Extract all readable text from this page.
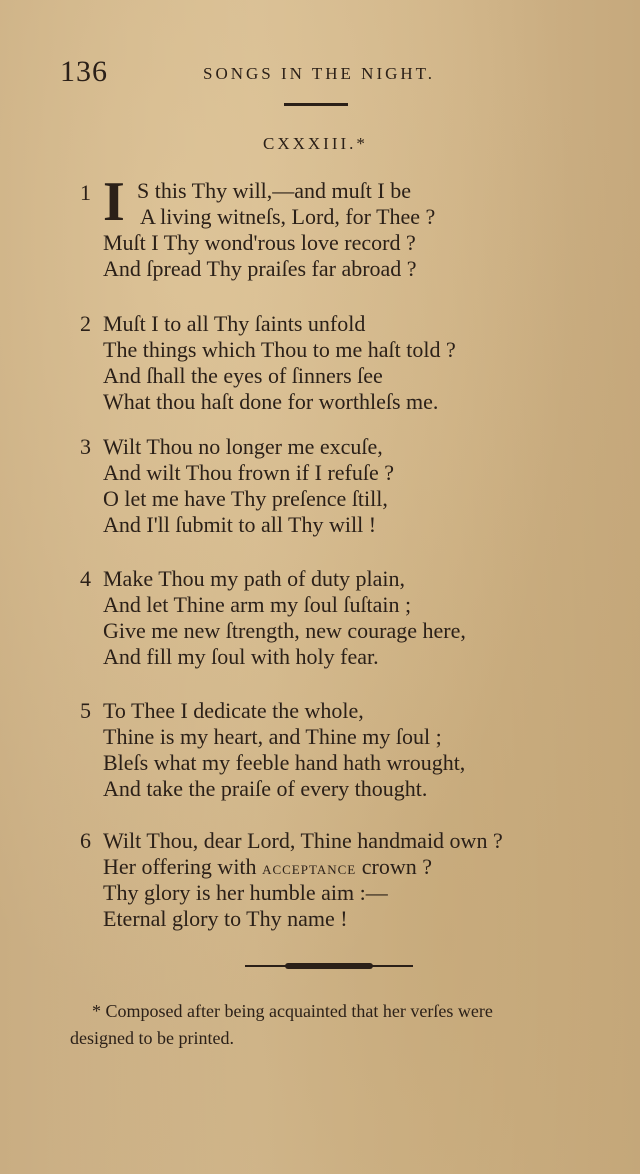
136	SONGS IN THE NIGHT.
CXXXIII.*
1 I S this Thy will,—and muſt I be
A living witneſs, Lord, for Thee ?
Muſt I Thy wond'rous love record ?
And ſpread Thy praiſes far abroad ?
2 Muſt I to all Thy ſaints unfold
The things which Thou to me haſt told ?
And ſhall the eyes of ſinners ſee
What thou haſt done for worthleſs me.
3 Wilt Thou no longer me excuſe,
And wilt Thou frown if I refuſe ?
O let me have Thy preſence ſtill,
And I'll ſubmit to all Thy will !
4 Make Thou my path of duty plain,
And let Thine arm my ſoul ſuſtain ;
Give me new ſtrength, new courage here,
And fill my ſoul with holy fear.
5 To Thee I dedicate the whole,
Thine is my heart, and Thine my ſoul ;
Bleſs what my feeble hand hath wrought,
And take the praiſe of every thought.
6 Wilt Thou, dear Lord, Thine handmaid own ?
Her offering with acceptance crown ?
Thy glory is her humble aim :—
Eternal glory to Thy name !
* Composed after being acquainted that her verſes were
designed to be printed.
